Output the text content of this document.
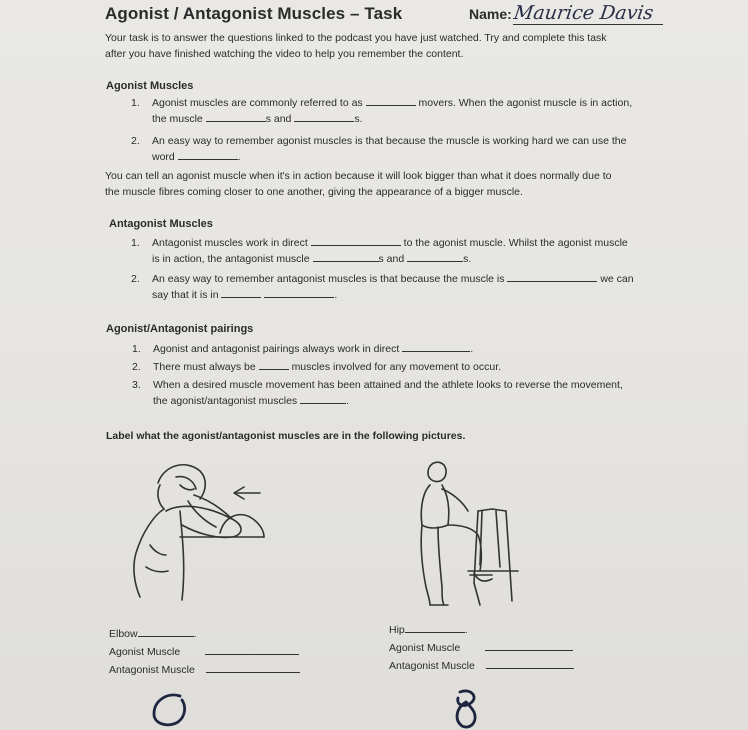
Agonist / Antagonist Muscles – Task	Name: Maurice Davis
Your task is to answer the questions linked to the podcast you have just watched. Try and complete this task
after you have finished watching the video to help you remember the content.
Agonist Muscles
1. Agonist muscles are commonly referred to as	movers. When the agonist muscle is in action,
the muscle	s and	s.
2. An easy way to remember agonist muscles is that because the muscle is working hard we can use the
word	.
You can tell an agonist muscle when it's in action because it will look bigger than what it does normally due to
the muscle fibres coming closer to one another, giving the appearance of a bigger muscle.
Antagonist Muscles
1. Antagonist muscles work in direct	to the agonist muscle. Whilst the agonist muscle
is in action, the antagonist muscle	s and	s.
2. An easy way to remember antagonist muscles is that because the muscle is	we can
say that it is in	.
Agonist/Antagonist pairings
1. Agonist and antagonist pairings always work in direct	.
2. There must always be	muscles involved for any movement to occur.
3. When a desired muscle movement has been attained and the athlete looks to reverse the movement,
the agonist/antagonist muscles	.
Label what the agonist/antagonist muscles are in the following pictures.
Elbow	.
Agonist Muscle
Antagonist Muscle
Hip	.
Agonist Muscle
Antagonist Muscle
